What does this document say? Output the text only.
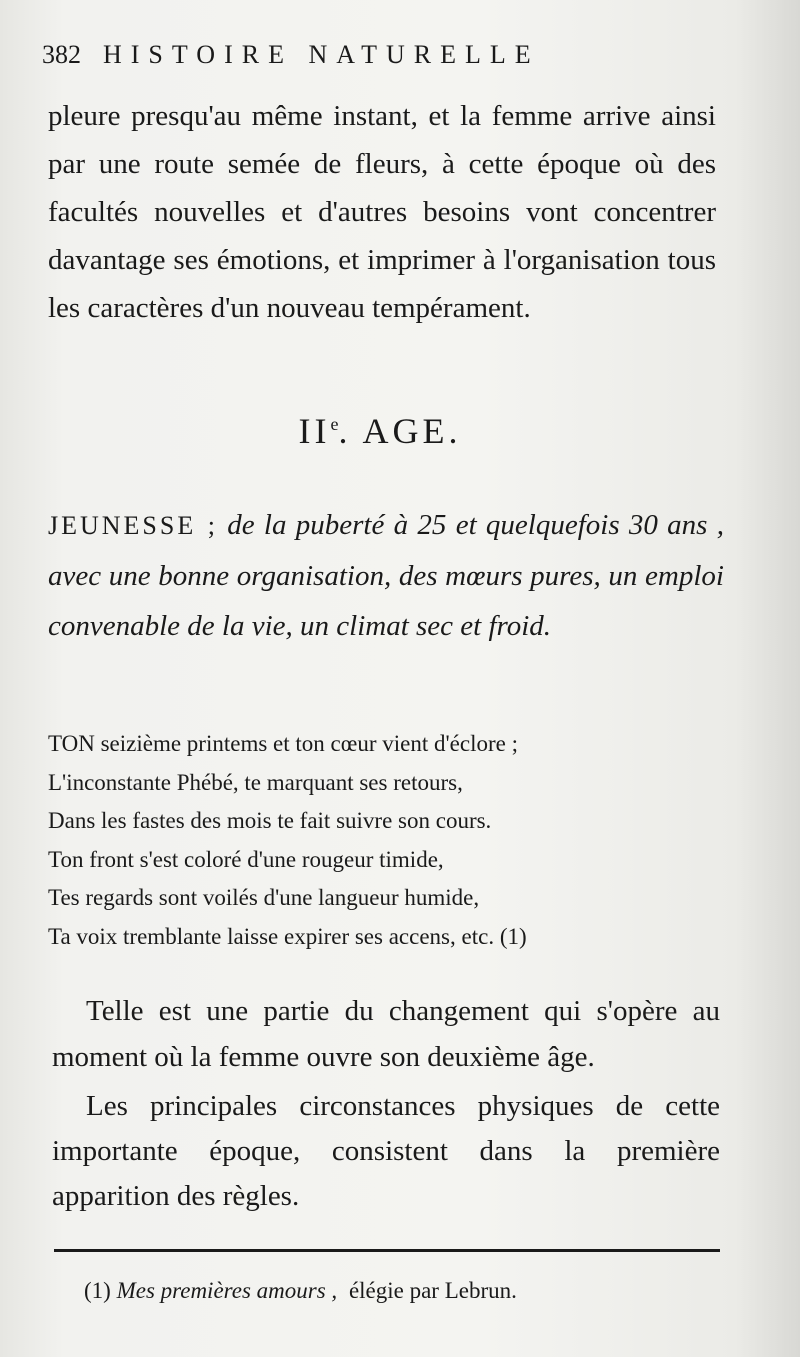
382 HISTOIRE NATURELLE
pleure presqu'au même instant, et la femme arrive ainsi par une route semée de fleurs, à cette époque où des facultés nouvelles et d'autres besoins vont concentrer davantage ses émotions, et imprimer à l'organisation tous les caractères d'un nouveau tempérament.
IIe. AGE.
JEUNESSE ; de la puberté à 25 et quelquefois 30 ans , avec une bonne organisation, des mœurs pures, un emploi convenable de la vie, un climat sec et froid.
TON seizième printems et ton cœur vient d'éclore ;
L'inconstante Phébé, te marquant ses retours,
Dans les fastes des mois te fait suivre son cours.
Ton front s'est coloré d'une rougeur timide,
Tes regards sont voilés d'une langueur humide,
Ta voix tremblante laisse expirer ses accens, etc. (1)
Telle est une partie du changement qui s'opère au moment où la femme ouvre son deuxième âge.
Les principales circonstances physiques de cette importante époque, consistent dans la première apparition des règles.
(1) Mes premières amours , élégie par Lebrun.
